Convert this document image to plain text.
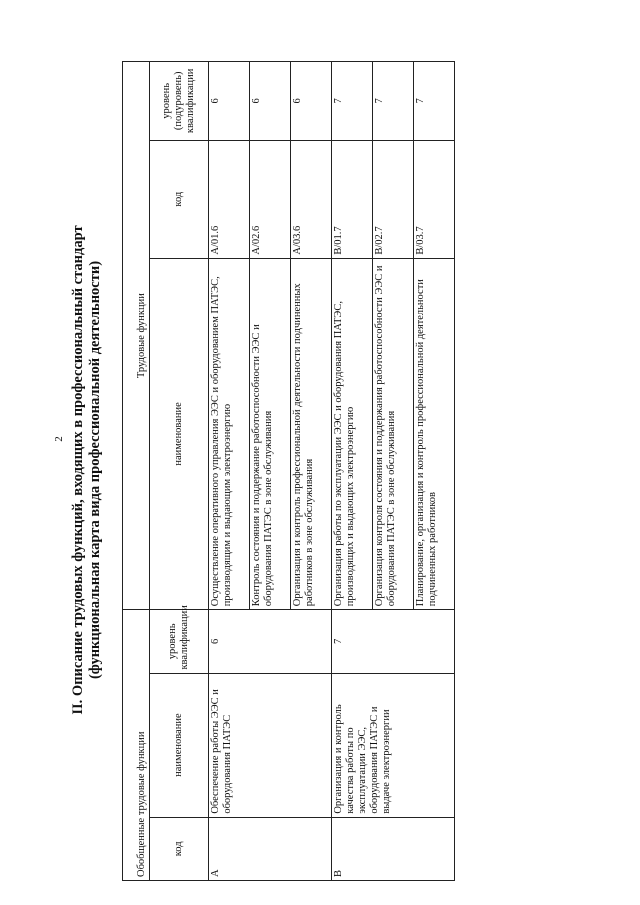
2 II. Описание трудовых функций, входящих в профессиональный стандарт (функциональная карта вида профессиональной деятельности)

Обобщенные трудовые функции			Трудовые функции		
код	наименование	уровень квалификации	наименование	код	уровень (подуровень) квалификации
A	Обеспечение работы ЭЭС и оборудования ПАТЭС	6	Осуществление оперативного управления ЭЭС и оборудованием ПАТЭС, производящим и выдающим электроэнергию	A/01.6	6
			Контроль состояния и поддержание работоспособности ЭЭС и оборудования ПАТЭС в зоне обслуживания	A/02.6	6
			Организация и контроль профессиональной деятельности подчиненных работников в зоне обслуживания	A/03.6	6
B	Организация и контроль качества работы по эксплуатации ЭЭС, оборудования ПАТЭС и выдаче электроэнергии	7	Организация работы по эксплуатации ЭЭС и оборудования ПАТЭС, производящих и выдающих электроэнергию	B/01.7	7
			Организация контроля состояния и поддержания работоспособности ЭЭС и оборудования ПАТЭС в зоне обслуживания	B/02.7	7
			Планирование, организация и контроль профессиональной деятельности подчиненных работников	B/03.7	7
